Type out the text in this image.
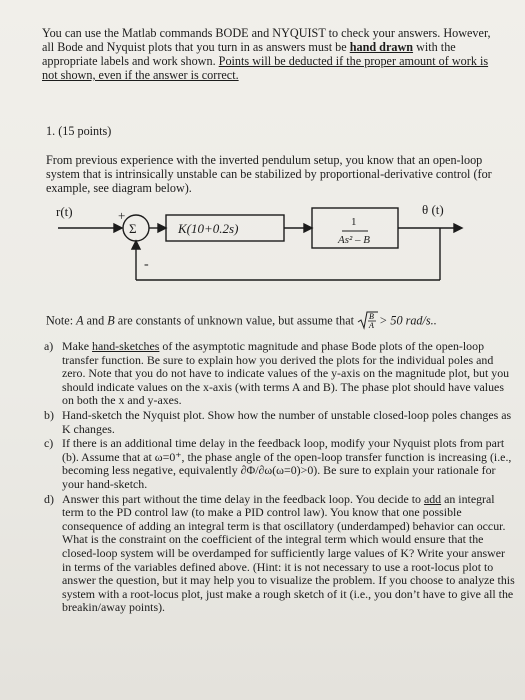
You can use the Matlab commands BODE and NYQUIST to check your answers. However, all Bode and Nyquist plots that you turn in as answers must be hand drawn with the appropriate labels and work shown. Points will be deducted if the proper amount of work is not shown, even if the answer is correct.

1. (15 points)

From previous experience with the inverted pendulum setup, you know that an open-loop system that is intrinsically unstable can be stabilized by proportional-derivative control (for example, see diagram below).

r(t)	+
-
Σ	K(10+0.2s)	1
As² – B
θ (t)

Note: A and B are constants of unknown value, but assume that B
A > 50 rad/s..

a) Make hand-sketches of the asymptotic magnitude and phase Bode plots of the open-loop transfer function. Be sure to explain how you derived the plots for the individual poles and zero. Note that you do not have to indicate values of the y-axis on the magnitude plot, but you should indicate values on the x-axis (with terms A and B). The phase plot should have values on both the x and y-axes.
b) Hand-sketch the Nyquist plot. Show how the number of unstable closed-loop poles changes as K changes.
c) If there is an additional time delay in the feedback loop, modify your Nyquist plots from part (b). Assume that at ω=0⁺, the phase angle of the open-loop transfer function is increasing (i.e., becoming less negative, equivalently ∂Φ/∂ω(ω=0)>0). Be sure to explain your rationale for your hand-sketch.
d) Answer this part without the time delay in the feedback loop. You decide to add an integral term to the PD control law (to make a PID control law). You know that one possible consequence of adding an integral term is that oscillatory (underdamped) behavior can occur. What is the constraint on the coefficient of the integral term which would ensure that the closed-loop system will be overdamped for sufficiently large values of K? Write your answer in terms of the variables defined above. (Hint: it is not necessary to use a root-locus plot to answer the question, but it may help you to visualize the problem. If you choose to analyze this system with a root-locus plot, just make a rough sketch of it (i.e., you don’t have to give all the breakin/away points).
